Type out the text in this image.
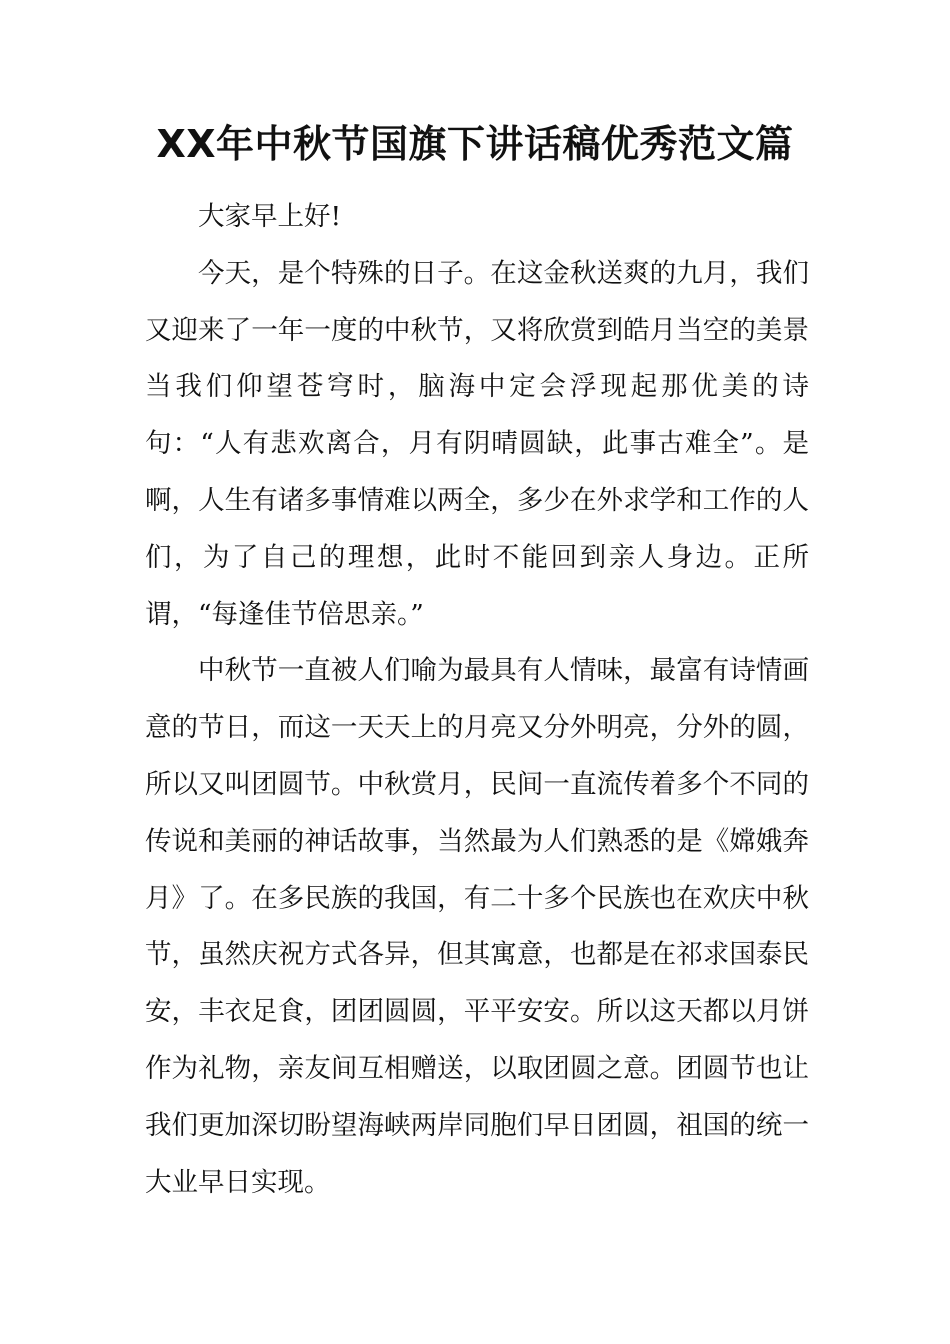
XX年中秋节国旗下讲话稿优秀范文篇

大家早上好!

今天，是个特殊的日子。在这金秋送爽的九月，我们又迎来了一年一度的中秋节，又将欣赏到皓月当空的美景当我们仰望苍穹时，脑海中定会浮现起那优美的诗句：“人有悲欢离合，月有阴晴圆缺，此事古难全”。是啊，人生有诸多事情难以两全，多少在外求学和工作的人们，为了自己的理想，此时不能回到亲人身边。正所谓，“每逢佳节倍思亲。”

中秋节一直被人们喻为最具有人情味，最富有诗情画意的节日，而这一天天上的月亮又分外明亮，分外的圆，所以又叫团圆节。中秋赏月，民间一直流传着多个不同的传说和美丽的神话故事，当然最为人们熟悉的是《嫦娥奔月》了。在多民族的我国，有二十多个民族也在欢庆中秋节，虽然庆祝方式各异，但其寓意，也都是在祁求国泰民安，丰衣足食，团团圆圆，平平安安。所以这天都以月饼作为礼物，亲友间互相赠送，以取团圆之意。团圆节也让我们更加深切盼望海峡两岸同胞们早日团圆，祖国的统一大业早日实现。
